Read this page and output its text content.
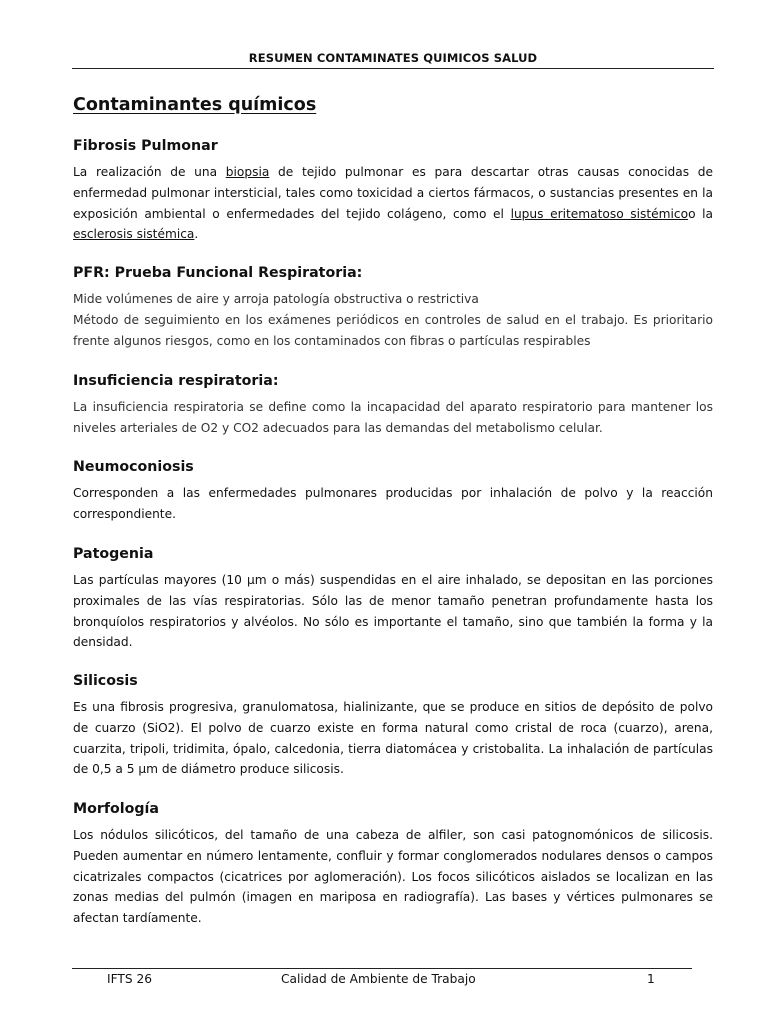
RESUMEN CONTAMINATES QUIMICOS SALUD
Contaminantes químicos
Fibrosis Pulmonar

La realización de una biopsia de tejido pulmonar es para descartar otras causas conocidas de enfermedad pulmonar intersticial, tales como toxicidad a ciertos fármacos, o sustancias presentes en la exposición ambiental o enfermedades del tejido colágeno, como el lupus eritematoso sistémicoo la esclerosis sistémica.

PFR: Prueba Funcional Respiratoria:

Mide volúmenes de aire y arroja patología obstructiva o restrictiva

Método de seguimiento en los exámenes periódicos en controles de salud en el trabajo. Es prioritario frente algunos riesgos, como en los contaminados con fibras o partículas respirables

Insuficiencia respiratoria:

La insuficiencia respiratoria se define como la incapacidad del aparato respiratorio para mantener los niveles arteriales de O2 y CO2 adecuados para las demandas del metabolismo celular.

Neumoconiosis

Corresponden a las enfermedades pulmonares producidas por inhalación de polvo y la reacción correspondiente.

Patogenia

Las partículas mayores (10 µm o más) suspendidas en el aire inhalado, se depositan en las porciones proximales de las vías respiratorias. Sólo las de menor tamaño penetran profundamente hasta los bronquíolos respiratorios y alvéolos. No sólo es importante el tamaño, sino que también la forma y la densidad.

Silicosis

Es una fibrosis progresiva, granulomatosa, hialinizante, que se produce en sitios de depósito de polvo de cuarzo (SiO2). El polvo de cuarzo existe en forma natural como cristal de roca (cuarzo), arena, cuarzita, tripoli, tridimita, ópalo, calcedonia, tierra diatomácea y cristobalita. La inhalación de partículas de 0,5 a 5 µm de diámetro produce silicosis.

Morfología

Los nódulos silicóticos, del tamaño de una cabeza de alfiler, son casi patognomónicos de silicosis. Pueden aumentar en número lentamente, confluir y formar conglomerados nodulares densos o campos cicatrizales compactos (cicatrices por aglomeración). Los focos silicóticos aislados se localizan en las zonas medias del pulmón (imagen en mariposa en radiografía). Las bases y vértices pulmonares se afectan tardíamente.

IFTS 26	Calidad de Ambiente de Trabajo	1
